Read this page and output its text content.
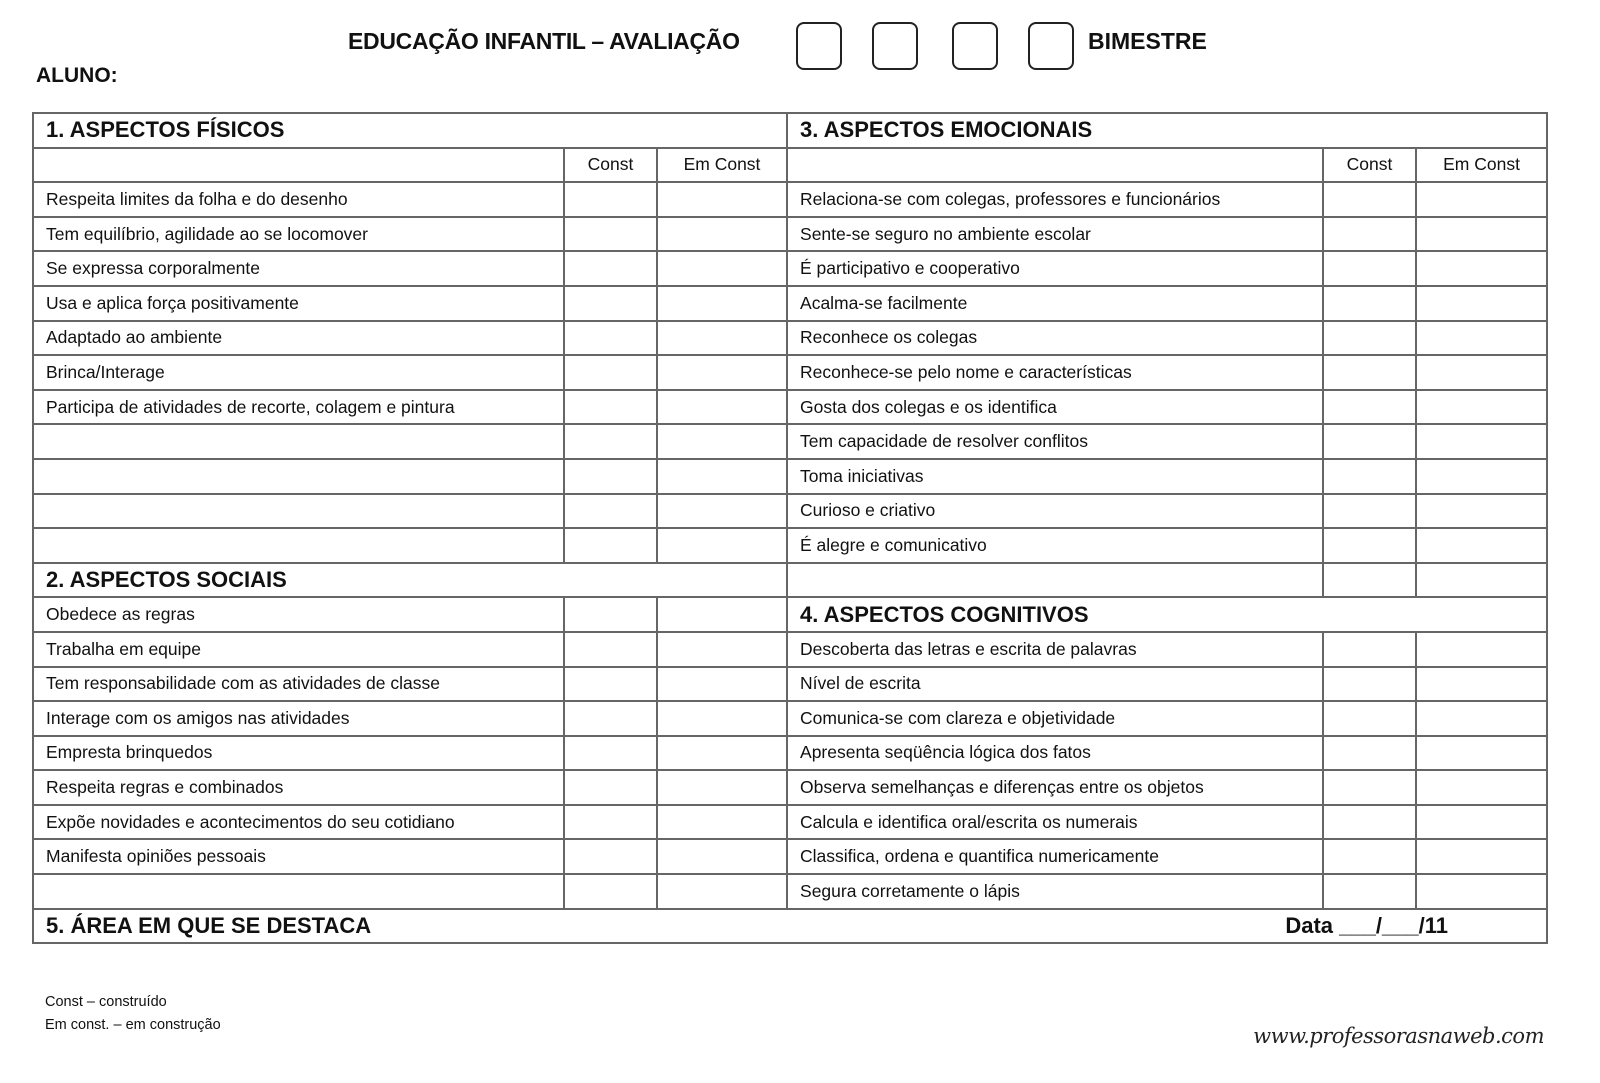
EDUCAÇÃO INFANTIL – AVALIAÇÃO	BIMESTRE
ALUNO:
1. ASPECTOS FÍSICOS			3. ASPECTOS EMOCIONAIS		
	Const	Em Const		Const	Em Const
Respeita limites da folha e do desenho			Relaciona-se com colegas, professores e funcionários		
Tem equilíbrio, agilidade ao se locomover			Sente-se seguro no ambiente escolar		
Se expressa corporalmente			É participativo e cooperativo		
Usa e aplica força positivamente			Acalma-se facilmente		
Adaptado ao ambiente			Reconhece os colegas		
Brinca/Interage			Reconhece-se pelo nome e características		
Participa de atividades de recorte, colagem e pintura			Gosta dos colegas e os identifica		
			Tem capacidade de resolver conflitos		
			Toma iniciativas		
			Curioso e criativo		
			É alegre e comunicativo		
2. ASPECTOS SOCIAIS					
Obedece as regras			4. ASPECTOS COGNITIVOS		
Trabalha em equipe			Descoberta das letras e escrita de palavras		
Tem responsabilidade com as atividades de classe			Nível de escrita		
Interage com os amigos nas atividades			Comunica-se com clareza e objetividade		
Empresta brinquedos			Apresenta seqüência lógica dos fatos		
Respeita regras e combinados			Observa semelhanças e diferenças entre os objetos		
Expõe novidades e acontecimentos do seu cotidiano			Calcula e identifica oral/escrita os numerais		
Manifesta opiniões pessoais			Classifica, ordena e quantifica numericamente		
			Segura corretamente o lápis		
5. ÁREA EM QUE SE DESTACA Data ___/___/11					
Const – construído
Em const. – em construção	www.professorasnaweb.com
